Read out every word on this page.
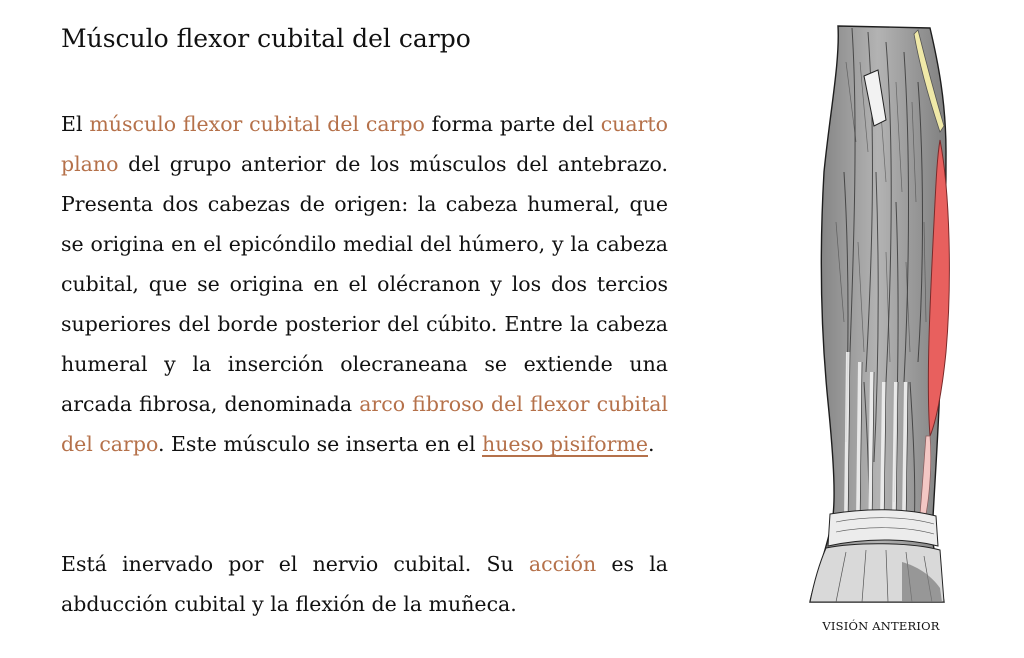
Músculo flexor cubital del carpo

El músculo flexor cubital del carpo forma parte del cuarto plano del grupo anterior de los músculos del antebrazo. Presenta dos cabezas de origen: la cabeza humeral, que se origina en el epicóndilo medial del húmero, y la cabeza cubital, que se origina en el olécranon y los dos tercios superiores del borde posterior del cúbito. Entre la cabeza humeral y la inserción olecraneana se extiende una arcada fibrosa, denominada arco fibroso del flexor cubital del carpo. Este músculo se inserta en el hueso pisiforme.

Está inervado por el nervio cubital. Su acción es la abducción cubital y la flexión de la muñeca.

VISIÓN ANTERIOR
